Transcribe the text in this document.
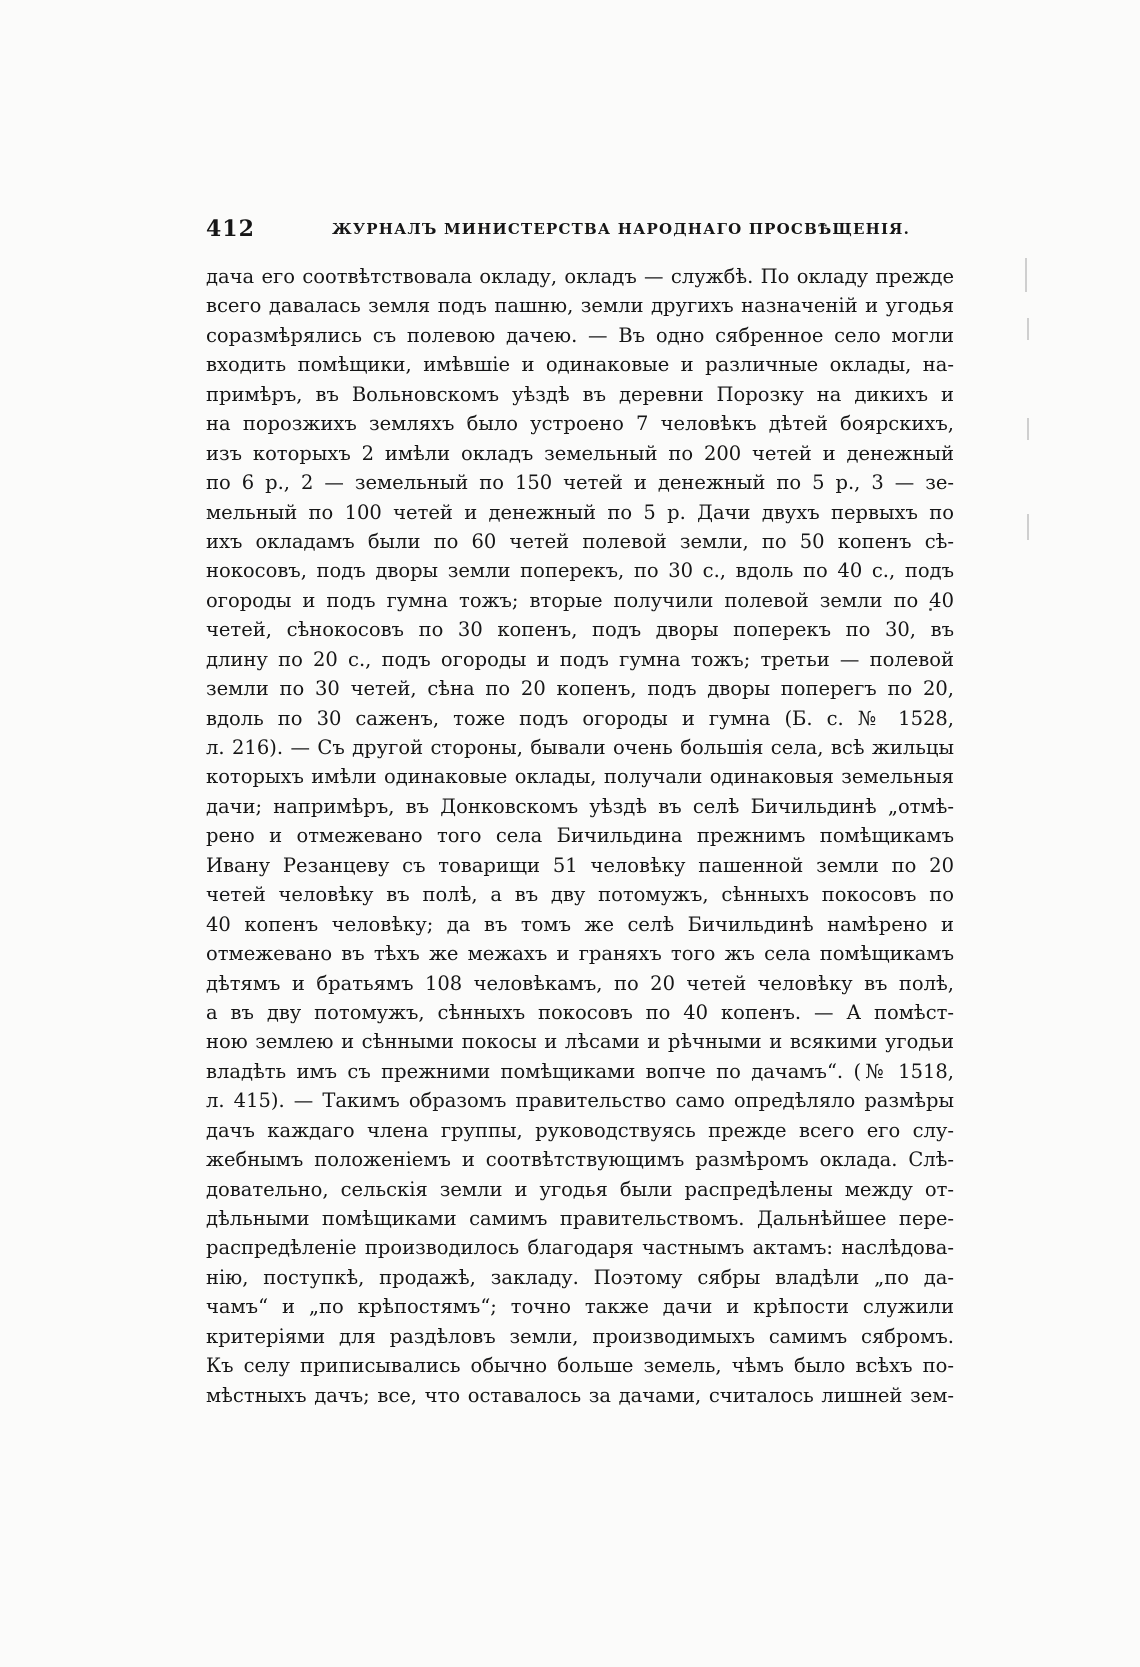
412	ЖУРНАЛЪ МИНИСТЕРСТВА НАРОДНАГО ПРОСВѢЩЕНІЯ.
дача его соотвѣтствовала окладу, окладъ — службѣ. По окладу прежде
всего давалась земля подъ пашню, земли другихъ назначеній и угодья
соразмѣрялись съ полевою дачею. — Въ одно сябренное село могли
входить помѣщики, имѣвшіе и одинаковые и различные оклады, на-
примѣръ, въ Вольновскомъ уѣздѣ въ деревни Порозку на дикихъ и
на порозжихъ земляхъ было устроено 7 человѣкъ дѣтей боярскихъ,
изъ которыхъ 2 имѣли окладъ земельный по 200 четей и денежный
по 6 р., 2 — земельный по 150 четей и денежный по 5 р., 3 — зе-
мельный по 100 четей и денежный по 5 р. Дачи двухъ первыхъ по
ихъ окладамъ были по 60 четей полевой земли, по 50 копенъ сѣ-
нокосовъ, подъ дворы земли поперекъ, по 30 с., вдоль по 40 с., подъ
огороды и подъ гумна тожъ; вторые получили полевой земли по 40
четей, сѣнокосовъ по 30 копенъ, подъ дворы поперекъ по 30, въ
длину по 20 с., подъ огороды и подъ гумна тожъ; третьи — полевой
земли по 30 четей, сѣна по 20 копенъ, подъ дворы поперегъ по 20,
вдоль по 30 саженъ, тоже подъ огороды и гумна (Б. с. № 1528,
л. 216). — Съ другой стороны, бывали очень большія села, всѣ жильцы
которыхъ имѣли одинаковые оклады, получали одинаковыя земельныя
дачи; напримѣръ, въ Донковскомъ уѣздѣ въ селѣ Бичильдинѣ „отмѣ-
рено и отмежевано того села Бичильдина прежнимъ помѣщикамъ
Ивану Резанцеву съ товарищи 51 человѣку пашенной земли по 20
четей человѣку въ полѣ, а въ дву потомужъ, сѣнныхъ покосовъ по
40 копенъ человѣку; да въ томъ же селѣ Бичильдинѣ намѣрено и
отмежевано въ тѣхъ же межахъ и граняхъ того жъ села помѣщикамъ
дѣтямъ и братьямъ 108 человѣкамъ, по 20 четей человѣку въ полѣ,
а въ дву потомужъ, сѣнныхъ покосовъ по 40 копенъ. — А помѣст-
ною землею и сѣнными покосы и лѣсами и рѣчными и всякими угодьи
владѣть имъ съ прежними помѣщиками вопче по дачамъ“. (№ 1518,
л. 415). — Такимъ образомъ правительство само опредѣляло размѣры
дачъ каждаго члена группы, руководствуясь прежде всего его слу-
жебнымъ положеніемъ и соотвѣтствующимъ размѣромъ оклада. Слѣ-
довательно, сельскія земли и угодья были распредѣлены между от-
дѣльными помѣщиками самимъ правительствомъ. Дальнѣйшее пере-
распредѣленіе производилось благодаря частнымъ актамъ: наслѣдова-
нію, поступкѣ, продажѣ, закладу. Поэтому сябры владѣли „по да-
чамъ“ и „по крѣпостямъ“; точно также дачи и крѣпости служили
критеріями для раздѣловъ земли, производимыхъ самимъ сябромъ.
Къ селу приписывались обычно больше земель, чѣмъ было всѣхъ по-
мѣстныхъ дачъ; все, что оставалось за дачами, считалось лишней зем-
